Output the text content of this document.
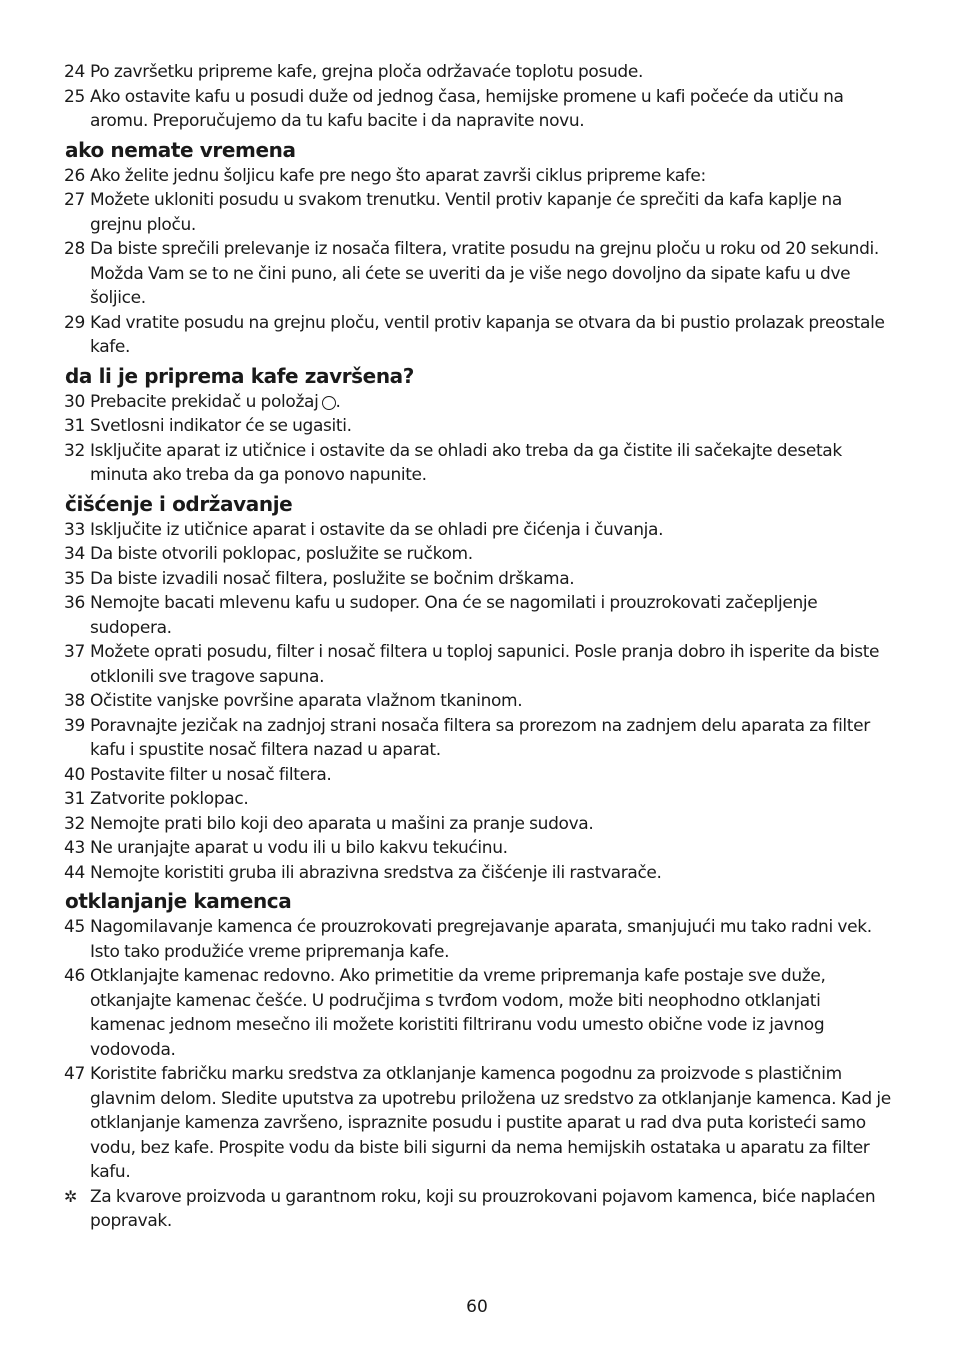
24 Po završetku pripreme kafe, grejna ploča održavaće toplotu posude.
25 Ako ostavite kafu u posudi duže od jednog časa, hemijske promene u kafi počeće da utiču na aromu. Preporučujemo da tu kafu bacite i da napravite novu.
ako nemate vremena
26 Ako želite jednu šoljicu kafe pre nego što aparat završi ciklus pripreme kafe:
27 Možete ukloniti posudu u svakom trenutku. Ventil protiv kapanje će sprečiti da kafa kaplje na grejnu ploču.
28 Da biste sprečili prelevanje iz nosača filtera, vratite posudu na grejnu ploču u roku od 20 sekundi. Možda Vam se to ne čini puno, ali ćete se uveriti da je više nego dovoljno da sipate kafu u dve šoljice.
29 Kad vratite posudu na grejnu ploču, ventil protiv kapanja se otvara da bi pustio prolazak preostale kafe.
da li je priprema kafe završena?
30 Prebacite prekidač u položaj .
31 Svetlosni indikator će se ugasiti.
32 Isključite aparat iz utičnice i ostavite da se ohladi ako treba da ga čistite ili sačekajte desetak minuta ako treba da ga ponovo napunite.
čišćenje i održavanje
33 Isključite iz utičnice aparat i ostavite da se ohladi pre čićenja i čuvanja.
34 Da biste otvorili poklopac, poslužite se ručkom.
35 Da biste izvadili nosač filtera, poslužite se bočnim drškama.
36 Nemojte bacati mlevenu kafu u sudoper. Ona će se nagomilati i prouzrokovati začepljenje sudopera.
37 Možete oprati posudu, filter i nosač filtera u toploj sapunici. Posle pranja dobro ih isperite da biste otklonili sve tragove sapuna.
38 Očistite vanjske površine aparata vlažnom tkaninom.
39 Poravnajte jezičak na zadnjoj strani nosača filtera sa prorezom na zadnjem delu aparata za filter kafu i spustite nosač filtera nazad u aparat.
40 Postavite filter u nosač filtera.
31 Zatvorite poklopac.
32 Nemojte prati bilo koji deo aparata u mašini za pranje sudova.
43 Ne uranjajte aparat u vodu ili u bilo kakvu tekućinu.
44 Nemojte koristiti gruba ili abrazivna sredstva za čišćenje ili rastvarače.
otklanjanje kamenca
45 Nagomilavanje kamenca će prouzrokovati pregrejavanje aparata, smanjujući mu tako radni vek. Isto tako produžiće vreme pripremanja kafe.
46 Otklanjajte kamenac redovno. Ako primetitie da vreme pripremanja kafe postaje sve duže, otkanjajte kamenac češće. U područjima s tvrđom vodom, može biti neophodno otklanjati kamenac jednom mesečno ili možete koristiti filtriranu vodu umesto obične vode iz javnog vodovoda.
47 Koristite fabričku marku sredstva za otklanjanje kamenca pogodnu za proizvode s plastičnim glavnim delom. Sledite uputstva za upotrebu priložena uz sredstvo za otklanjanje kamenca. Kad je otklanjanje kamenza završeno, ispraznite posudu i pustite aparat u rad dva puta koristeći samo vodu, bez kafe. Prospite vodu da biste bili sigurni da nema hemijskih ostataka u aparatu za filter kafu.
✲ Za kvarove proizvoda u garantnom roku, koji su prouzrokovani pojavom kamenca, biće naplaćen popravak.
60
